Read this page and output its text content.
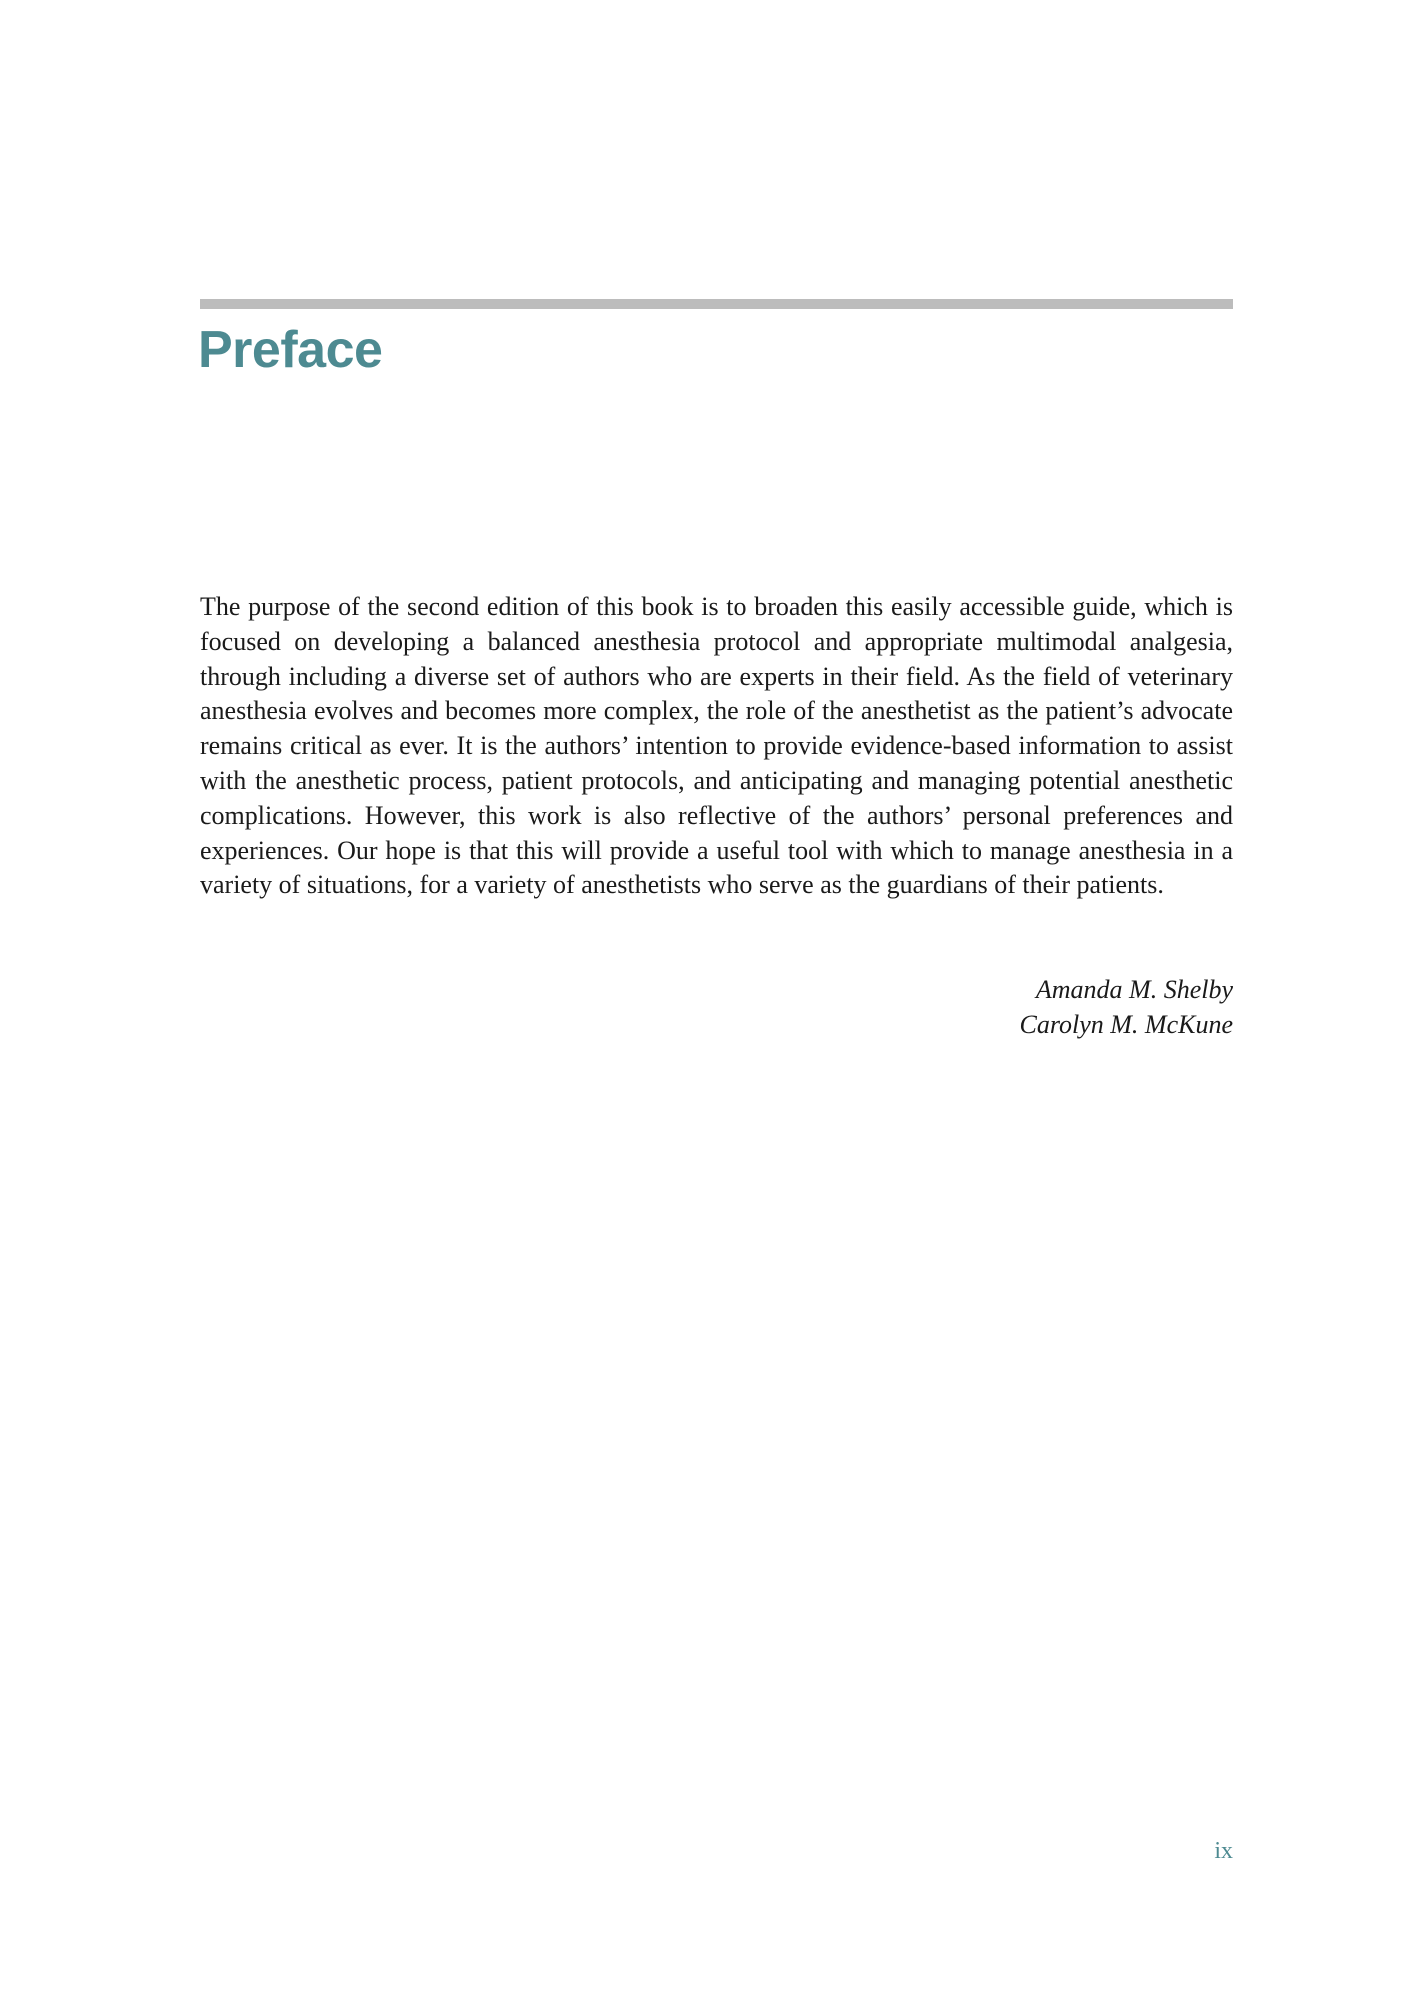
Preface

The purpose of the second edition of this book is to broaden this easily accessible guide, which is focused on developing a balanced anesthesia protocol and appropriate multimodal analgesia, through including a diverse set of authors who are experts in their field. As the field of veterinary anesthesia evolves and becomes more complex, the role of the anesthetist as the patient’s advocate remains critical as ever. It is the authors’ intention to provide evidence-based information to assist with the anesthetic process, patient protocols, and anticipating and managing potential anesthetic complications. However, this work is also reflective of the authors’ personal preferences and experiences. Our hope is that this will provide a useful tool with which to manage anesthesia in a variety of situations, for a variety of anesthetists who serve as the guardians of their patients.

Amanda M. Shelby
Carolyn M. McKune
ix
